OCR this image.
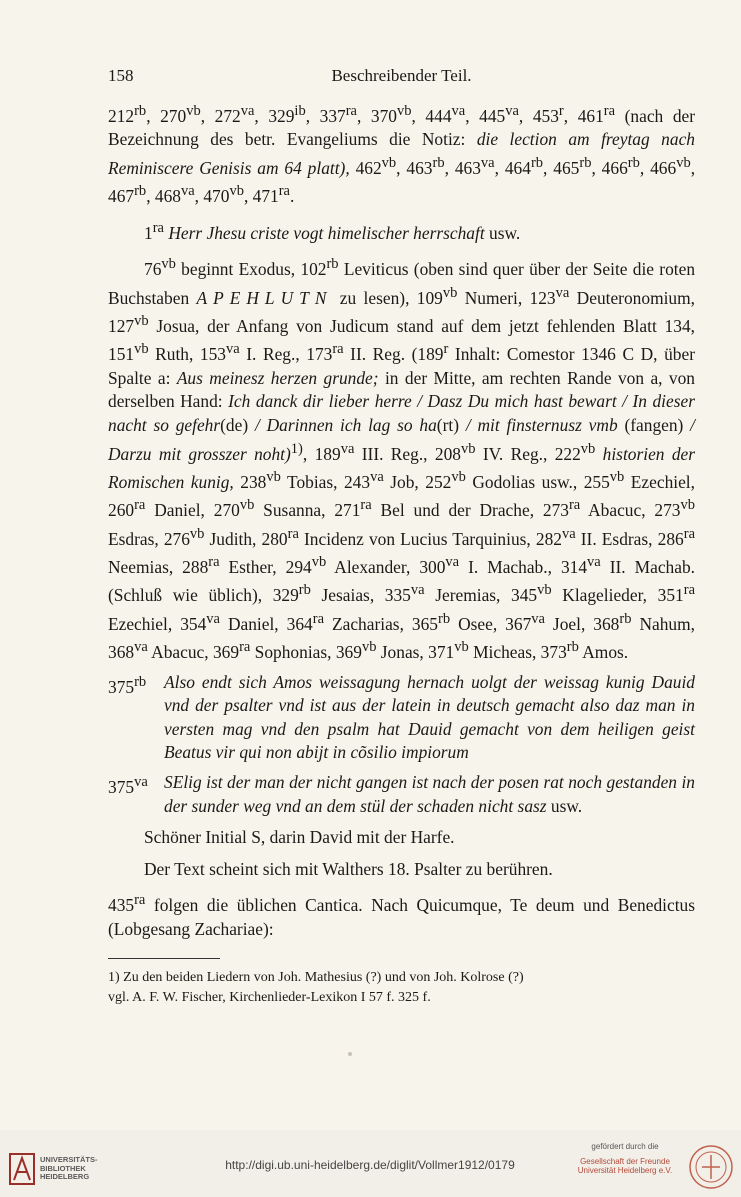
158	Beschreibender Teil.

$212^{rb}$, $270^{vb}$, $272^{va}$, $329^{ib}$, $337^{ra}$, $370^{vb}$, $444^{va}$, $445^{va}$, 453$^r$, $461^{ra}$ (nach der Bezeichnung des betr. Evangeliums die Notiz: die lection am freytag nach Reminiscere Genisis am 64 platt), $462^{vb}$, $463^{rb}$, $463^{va}$, $464^{rb}$, $465^{rb}$, $466^{rb}$, $466^{vb}$, $467^{rb}$, $468^{va}$, $470^{vb}$, $471^{ra}$.

$1^{ra}$ Herr Jhesu criste vogt himelischer herrschaft usw.

$76^{vb}$ beginnt Exodus, $102^{rb}$ Leviticus (oben sind quer über der Seite die roten Buchstaben APEHLUTN zu lesen), $109^{vb}$ Numeri, $123^{va}$ Deuteronomium, $127^{vb}$ Josua, der Anfang von Judicum stand auf dem jetzt fehlenden Blatt 134, $151^{vb}$ Ruth, $153^{va}$ I. Reg., $173^{ra}$ II. Reg. (189$^r$ Inhalt: Comestor 1346 C D, über Spalte a: Aus meinesz herzen grunde; in der Mitte, am rechten Rande von a, von derselben Hand: Ich danck dir lieber herre / Dasz Du mich hast bewart / In dieser nacht so gefehr(de) / Darinnen ich lag so ha(rt) / mit finsternusz vmb (fangen) / Darzu mit grosszer noht)$^{1)}$, $189^{va}$ III. Reg., $208^{vb}$ IV. Reg., $222^{vb}$ historien der Romischen kunig, $238^{vb}$ Tobias, $243^{va}$ Job, $252^{vb}$ Godolias usw., $255^{vb}$ Ezechiel, $260^{ra}$ Daniel, $270^{vb}$ Susanna, $271^{ra}$ Bel und der Drache, $273^{ra}$ Abacuc, $273^{vb}$ Esdras, $276^{vb}$ Judith, $280^{ra}$ Incidenz von Lucius Tarquinius, $282^{va}$ II. Esdras, $286^{ra}$ Neemias, $288^{ra}$ Esther, $294^{vb}$ Alexander, $300^{va}$ I. Machab., $314^{va}$ II. Machab. (Schluß wie üblich), $329^{rb}$ Jesaias, $335^{va}$ Jeremias, $345^{vb}$ Klagelieder, $351^{ra}$ Ezechiel, $354^{va}$ Daniel, $364^{ra}$ Zacharias, $365^{rb}$ Osee, $367^{va}$ Joel, $368^{rb}$ Nahum, $368^{va}$ Abacuc, $369^{ra}$ Sophonias, $369^{vb}$ Jonas, $371^{vb}$ Micheas, $373^{rb}$ Amos.

$375^{rb}$	Also endt sich Amos weissagung hernach uolgt der weissag kunig Dauid vnd der psalter vnd ist aus der latein in deutsch gemacht also daz man in versten mag vnd den psalm hat Dauid gemacht von dem heiligen geist Beatus vir qui non abijt in cõsilio impiorum
$375^{va}$ SElig ist der man der nicht gangen ist nach der posen rat noch gestanden in der sunder weg vnd an dem stül der schaden nicht sasz usw.

Schöner Initial S, darin David mit der Harfe.

Der Text scheint sich mit Walthers 18. Psalter zu berühren.

$435^{ra}$ folgen die üblichen Cantica. Nach Quicumque, Te deum und Benedictus (Lobgesang Zachariae):

1) Zu den beiden Liedern von Joh. Mathesius (?) und von Joh. Kolrose (?)
vgl. A. F. W. Fischer, Kirchenlieder-Lexikon I 57 f. 325 f.
UNIVERSITÄTS-
BIBLIOTHEK
HEIDELBERG
http://digi.ub.uni-heidelberg.de/diglit/Vollmer1912/0179
gefördert durch die
Gesellschaft der Freunde
Universität Heidelberg e.V.
